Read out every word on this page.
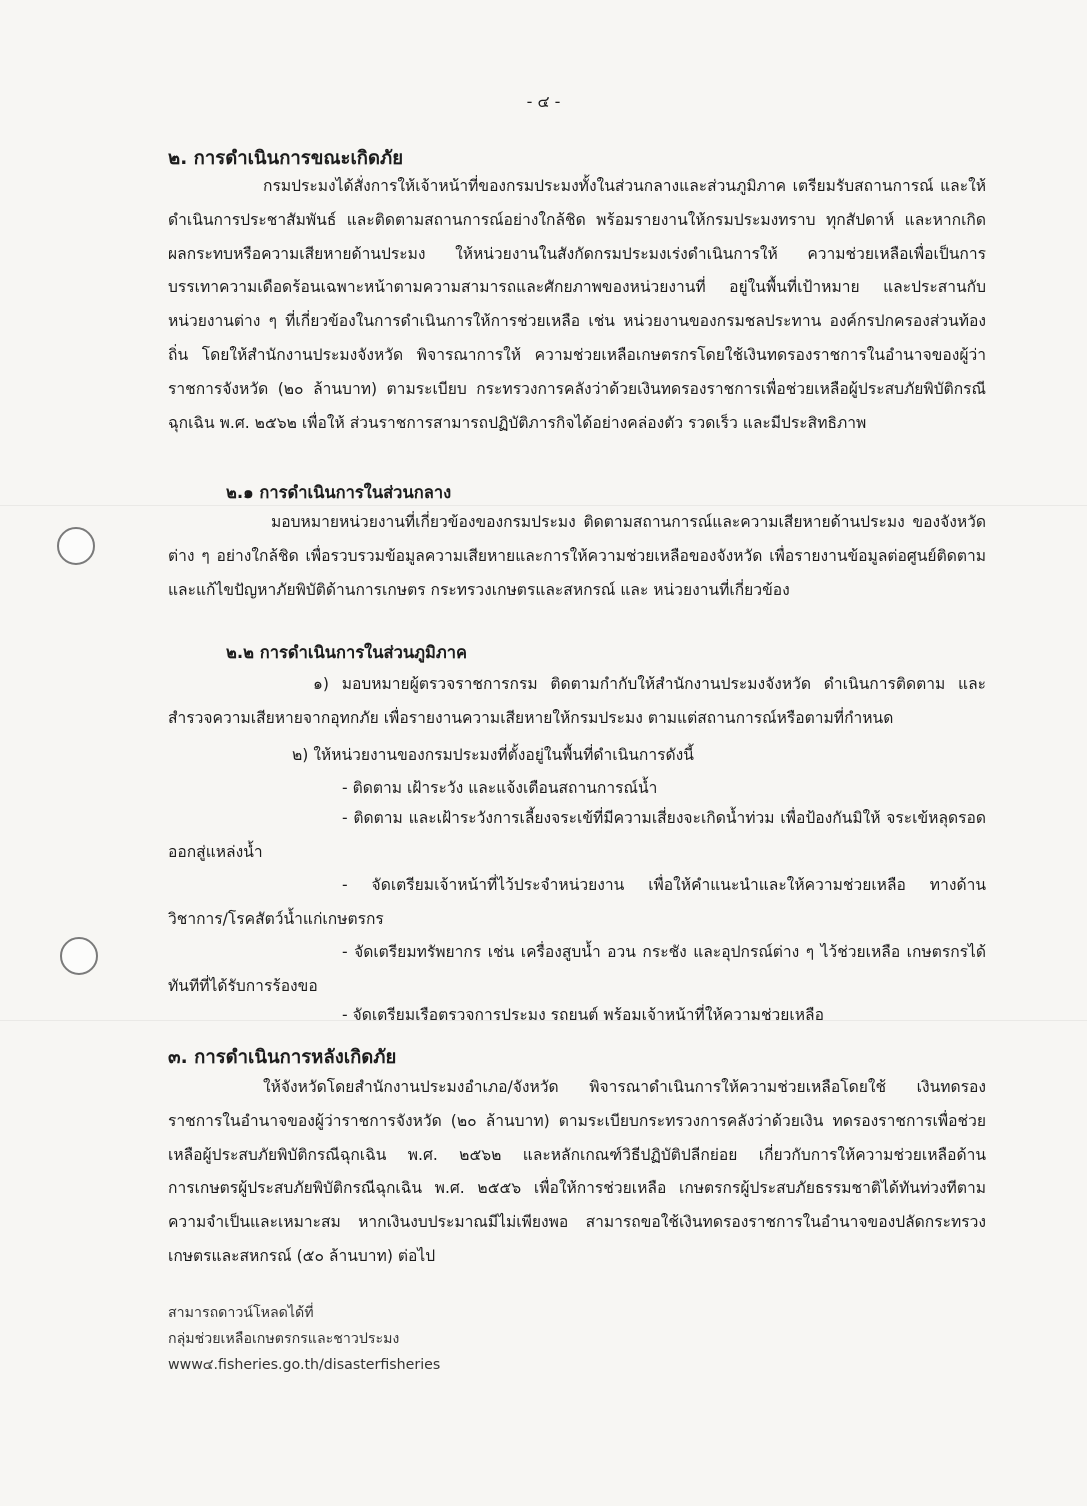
- ๔ -
๒. การดำเนินการขณะเกิดภัย
กรมประมงได้สั่งการให้เจ้าหน้าที่ของกรมประมงทั้งในส่วนกลางและส่วนภูมิภาค เตรียมรับสถานการณ์ และให้ดำเนินการประชาสัมพันธ์ และติดตามสถานการณ์อย่างใกล้ชิด พร้อมรายงานให้กรมประมงทราบ ทุกสัปดาห์ และหากเกิดผลกระทบหรือความเสียหายด้านประมง ให้หน่วยงานในสังกัดกรมประมงเร่งดำเนินการให้ ความช่วยเหลือเพื่อเป็นการบรรเทาความเดือดร้อนเฉพาะหน้าตามความสามารถและศักยภาพของหน่วยงานที่ อยู่ในพื้นที่เป้าหมาย และประสานกับหน่วยงานต่าง ๆ ที่เกี่ยวข้องในการดำเนินการให้การช่วยเหลือ เช่น หน่วยงานของกรมชลประทาน องค์กรปกครองส่วนท้องถิ่น โดยให้สำนักงานประมงจังหวัด พิจารณาการให้ ความช่วยเหลือเกษตรกรโดยใช้เงินทดรองราชการในอำนาจของผู้ว่าราชการจังหวัด (๒๐ ล้านบาท) ตามระเบียบ กระทรวงการคลังว่าด้วยเงินทดรองราชการเพื่อช่วยเหลือผู้ประสบภัยพิบัติกรณีฉุกเฉิน พ.ศ. ๒๕๖๒ เพื่อให้ ส่วนราชการสามารถปฏิบัติภารกิจได้อย่างคล่องตัว รวดเร็ว และมีประสิทธิภาพ
๒.๑ การดำเนินการในส่วนกลาง
มอบหมายหน่วยงานที่เกี่ยวข้องของกรมประมง ติดตามสถานการณ์และความเสียหายด้านประมง ของจังหวัดต่าง ๆ อย่างใกล้ชิด เพื่อรวบรวมข้อมูลความเสียหายและการให้ความช่วยเหลือของจังหวัด เพื่อรายงานข้อมูลต่อศูนย์ติดตามและแก้ไขปัญหาภัยพิบัติด้านการเกษตร กระทรวงเกษตรและสหกรณ์ และ หน่วยงานที่เกี่ยวข้อง
๒.๒ การดำเนินการในส่วนภูมิภาค
๑) มอบหมายผู้ตรวจราชการกรม ติดตามกำกับให้สำนักงานประมงจังหวัด ดำเนินการติดตาม และสำรวจความเสียหายจากอุทกภัย เพื่อรายงานความเสียหายให้กรมประมง ตามแต่สถานการณ์หรือตามที่กำหนด
๒) ให้หน่วยงานของกรมประมงที่ตั้งอยู่ในพื้นที่ดำเนินการดังนี้
- ติดตาม เฝ้าระวัง และแจ้งเตือนสถานการณ์น้ำ
- ติดตาม และเฝ้าระวังการเลี้ยงจระเข้ที่มีความเสี่ยงจะเกิดน้ำท่วม เพื่อป้องกันมิให้ จระเข้หลุดรอดออกสู่แหล่งน้ำ
- จัดเตรียมเจ้าหน้าที่ไว้ประจำหน่วยงาน เพื่อให้คำแนะนำและให้ความช่วยเหลือ ทางด้านวิชาการ/โรคสัตว์น้ำแก่เกษตรกร
- จัดเตรียมทรัพยากร เช่น เครื่องสูบน้ำ อวน กระชัง และอุปกรณ์ต่าง ๆ ไว้ช่วยเหลือ เกษตรกรได้ทันทีที่ได้รับการร้องขอ
- จัดเตรียมเรือตรวจการประมง รถยนต์ พร้อมเจ้าหน้าที่ให้ความช่วยเหลือ
๓. การดำเนินการหลังเกิดภัย
ให้จังหวัดโดยสำนักงานประมงอำเภอ/จังหวัด พิจารณาดำเนินการให้ความช่วยเหลือโดยใช้ เงินทดรองราชการในอำนาจของผู้ว่าราชการจังหวัด (๒๐ ล้านบาท) ตามระเบียบกระทรวงการคลังว่าด้วยเงิน ทดรองราชการเพื่อช่วยเหลือผู้ประสบภัยพิบัติกรณีฉุกเฉิน พ.ศ. ๒๕๖๒ และหลักเกณฑ์วิธีปฏิบัติปลีกย่อย เกี่ยวกับการให้ความช่วยเหลือด้านการเกษตรผู้ประสบภัยพิบัติกรณีฉุกเฉิน พ.ศ. ๒๕๕๖ เพื่อให้การช่วยเหลือ เกษตรกรผู้ประสบภัยธรรมชาติได้ทันท่วงทีตามความจำเป็นและเหมาะสม หากเงินงบประมาณมีไม่เพียงพอ สามารถขอใช้เงินทดรองราชการในอำนาจของปลัดกระทรวงเกษตรและสหกรณ์ (๕๐ ล้านบาท) ต่อไป
สามารถดาวน์โหลดได้ที่
กลุ่มช่วยเหลือเกษตรกรและชาวประมง
www๔.fisheries.go.th/disasterfisheries
